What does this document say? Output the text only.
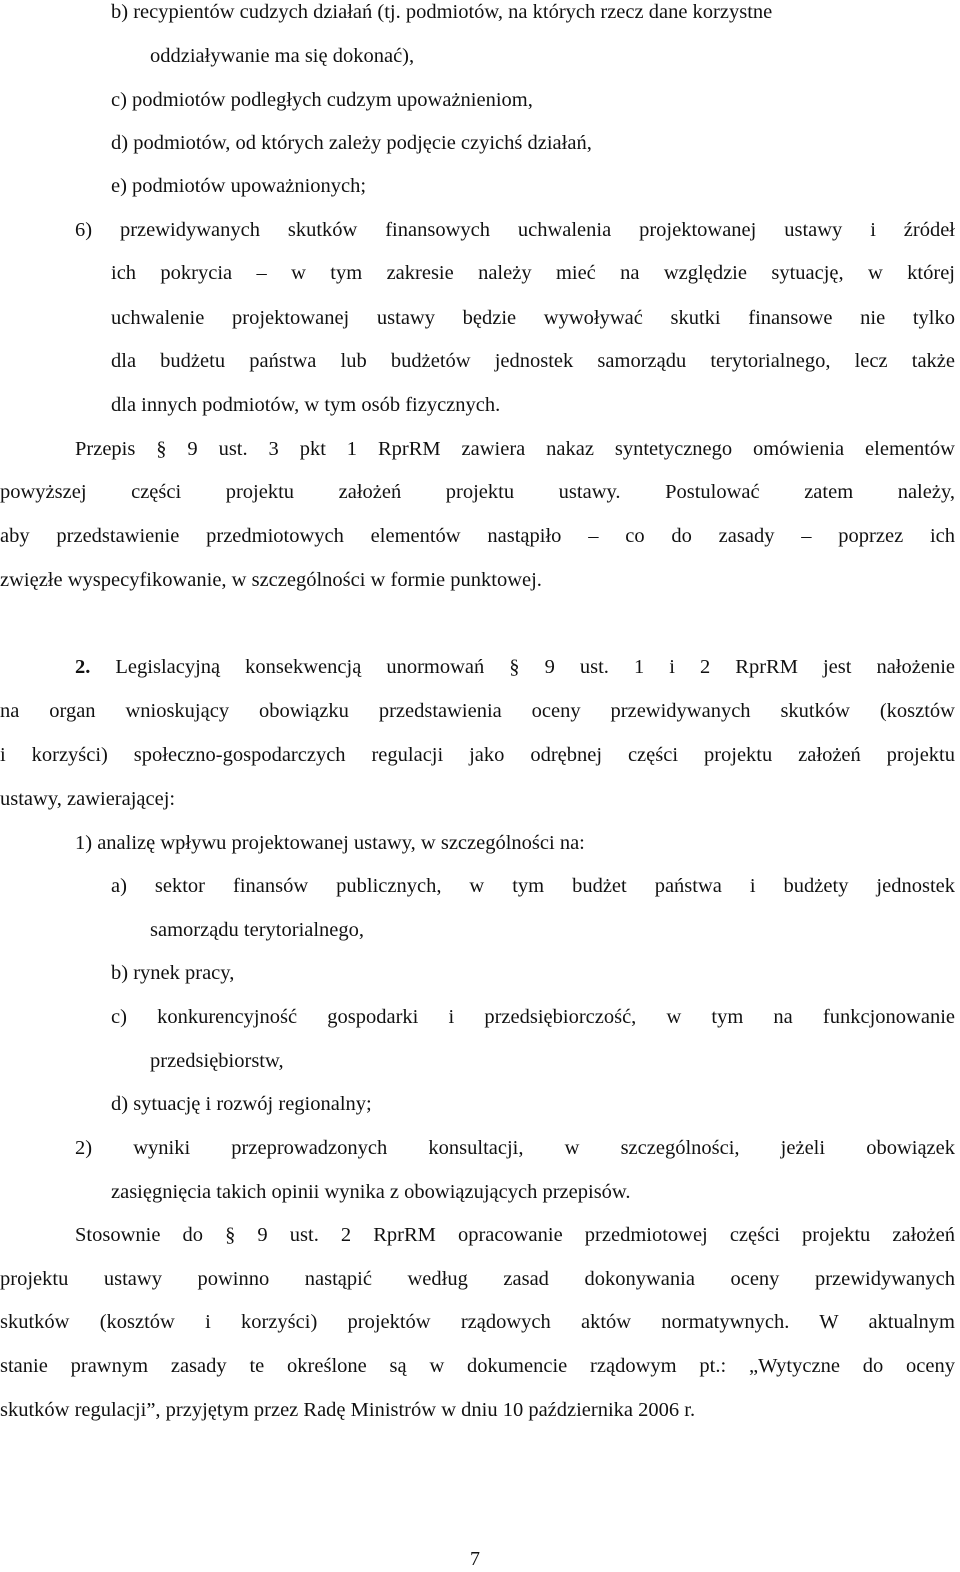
b) recypientów cudzych działań (tj. podmiotów, na których rzecz dane korzystne
oddziaływanie ma się dokonać),
c) podmiotów podległych cudzym upoważnieniom,
d) podmiotów, od których zależy podjęcie czyichś działań,
e) podmiotów upoważnionych;
6) przewidywanych skutków finansowych uchwalenia projektowanej ustawy i źródeł
ich pokrycia – w tym zakresie należy mieć na względzie sytuację, w której
uchwalenie projektowanej ustawy będzie wywoływać skutki finansowe nie tylko
dla budżetu państwa lub budżetów jednostek samorządu terytorialnego, lecz także
dla innych podmiotów, w tym osób fizycznych.
Przepis § 9 ust. 3 pkt 1 RprRM zawiera nakaz syntetycznego omówienia elementów
powyższej części projektu założeń projektu ustawy. Postulować zatem należy,
aby przedstawienie przedmiotowych elementów nastąpiło – co do zasady – poprzez ich
zwięzłe wyspecyfikowanie, w szczególności w formie punktowej.
2. Legislacyjną konsekwencją unormowań § 9 ust. 1 i 2 RprRM jest nałożenie
na organ wnioskujący obowiązku przedstawienia oceny przewidywanych skutków (kosztów
i korzyści) społeczno-gospodarczych regulacji jako odrębnej części projektu założeń projektu
ustawy, zawierającej:
1) analizę wpływu projektowanej ustawy, w szczególności na:
a) sektor finansów publicznych, w tym budżet państwa i budżety jednostek
samorządu terytorialnego,
b) rynek pracy,
c) konkurencyjność gospodarki i przedsiębiorczość, w tym na funkcjonowanie
przedsiębiorstw,
d) sytuację i rozwój regionalny;
2) wyniki przeprowadzonych konsultacji, w szczególności, jeżeli obowiązek
zasięgnięcia takich opinii wynika z obowiązujących przepisów.
Stosownie do § 9 ust. 2 RprRM opracowanie przedmiotowej części projektu założeń
projektu ustawy powinno nastąpić według zasad dokonywania oceny przewidywanych
skutków (kosztów i korzyści) projektów rządowych aktów normatywnych. W aktualnym
stanie prawnym zasady te określone są w dokumencie rządowym pt.: „Wytyczne do oceny
skutków regulacji”, przyjętym przez Radę Ministrów w dniu 10 października 2006 r.
7
